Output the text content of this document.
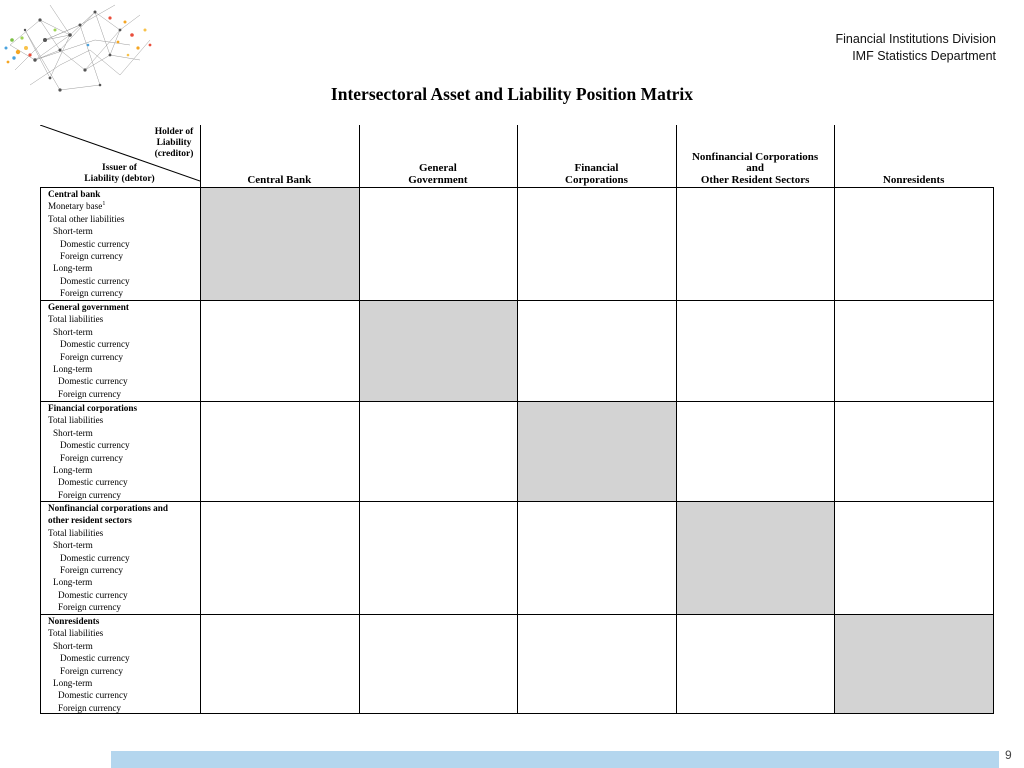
Financial Institutions Division
IMF Statistics Department
Intersectoral Asset and Liability Position Matrix
Holder of
Liability
(creditor)
Issuer of
Liability (debtor)	Central Bank
General
Government
Financial
Corporations
Nonfinancial Corporations
and
Other Resident Sectors	Nonresidents
Central bank
Monetary base$^1$
Total other liabilities
Short-term
Domestic currency
Foreign currency
Long-term
Domestic currency
Foreign currency
General government
Total liabilities
Short-term
Domestic currency
Foreign currency
Long-term
Domestic currency
Foreign currency
Financial corporations
Total liabilities
Short-term
Domestic currency
Foreign currency
Long-term
Domestic currency
Foreign currency
Nonfinancial corporations and
other resident sectors
Total liabilities
Short-term
Domestic currency
Foreign currency
Long-term
Domestic currency
Foreign currency
Nonresidents
Total liabilities
Short-term
Domestic currency
Foreign currency
Long-term
Domestic currency
Foreign currency
9
